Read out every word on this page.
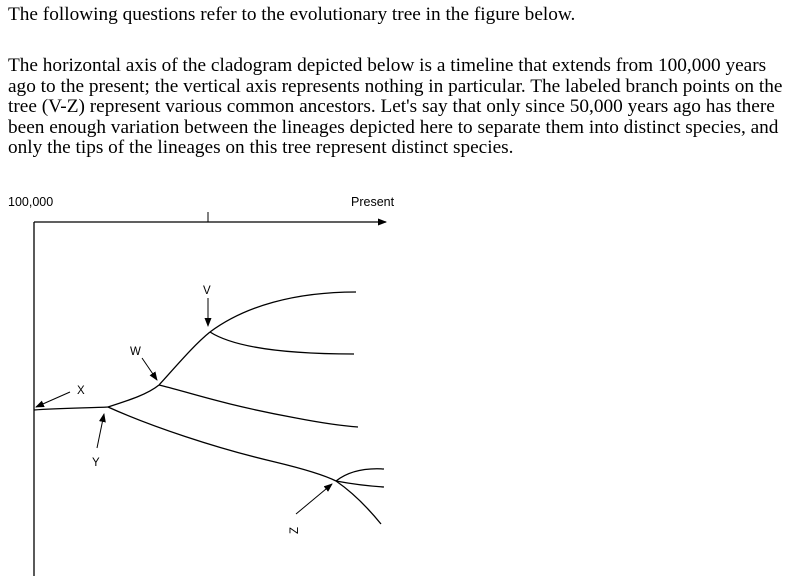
The following questions refer to the evolutionary tree in the figure below.

The horizontal axis of the cladogram depicted below is a timeline that extends from 100,000 years ago to the present; the vertical axis represents nothing in particular. The labeled branch points on the tree (V-Z) represent various common ancestors. Let's say that only since 50,000 years ago has there been enough variation between the lineages depicted here to separate them into distinct species, and only the tips of the lineages on this tree represent distinct species.

100,000	Present
V
W
X
Y
Z
